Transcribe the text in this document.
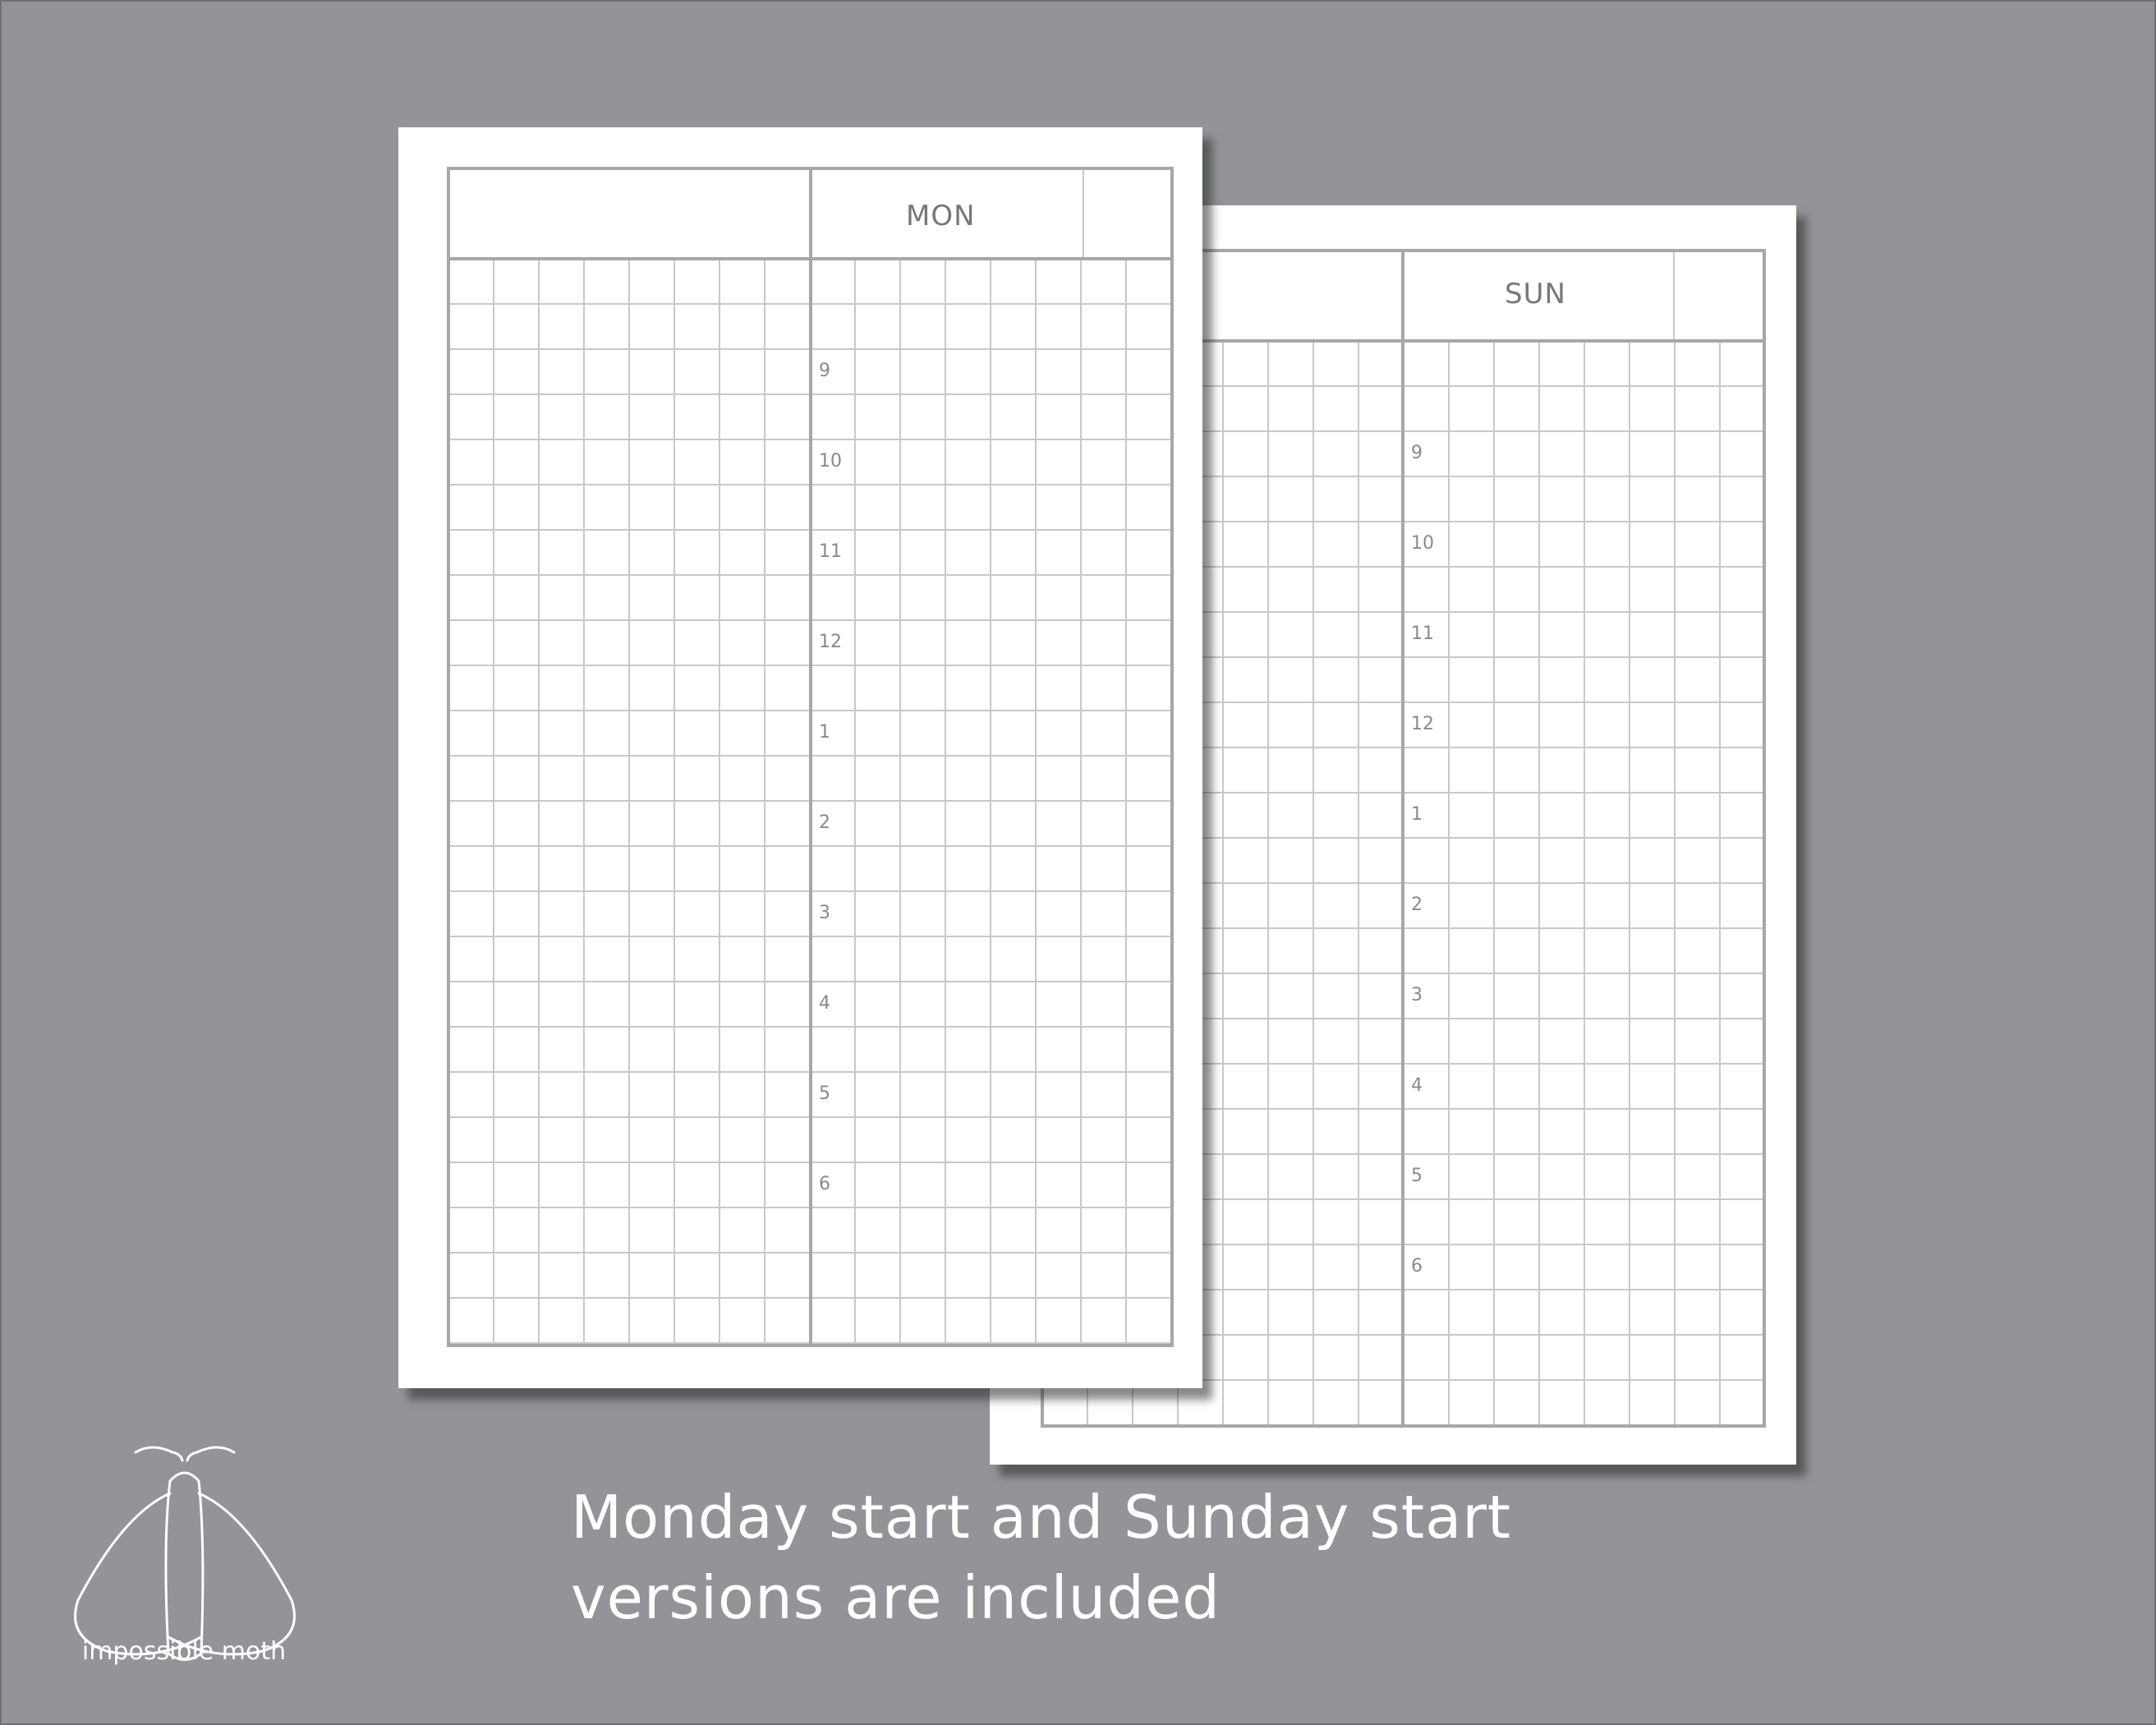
SUN
9
10
11
12
1
2
3
4
5
6
MON
9
10
11
12
1
2
3
4
5
6
impossible moth
Monday start and Sunday start
versions are included
